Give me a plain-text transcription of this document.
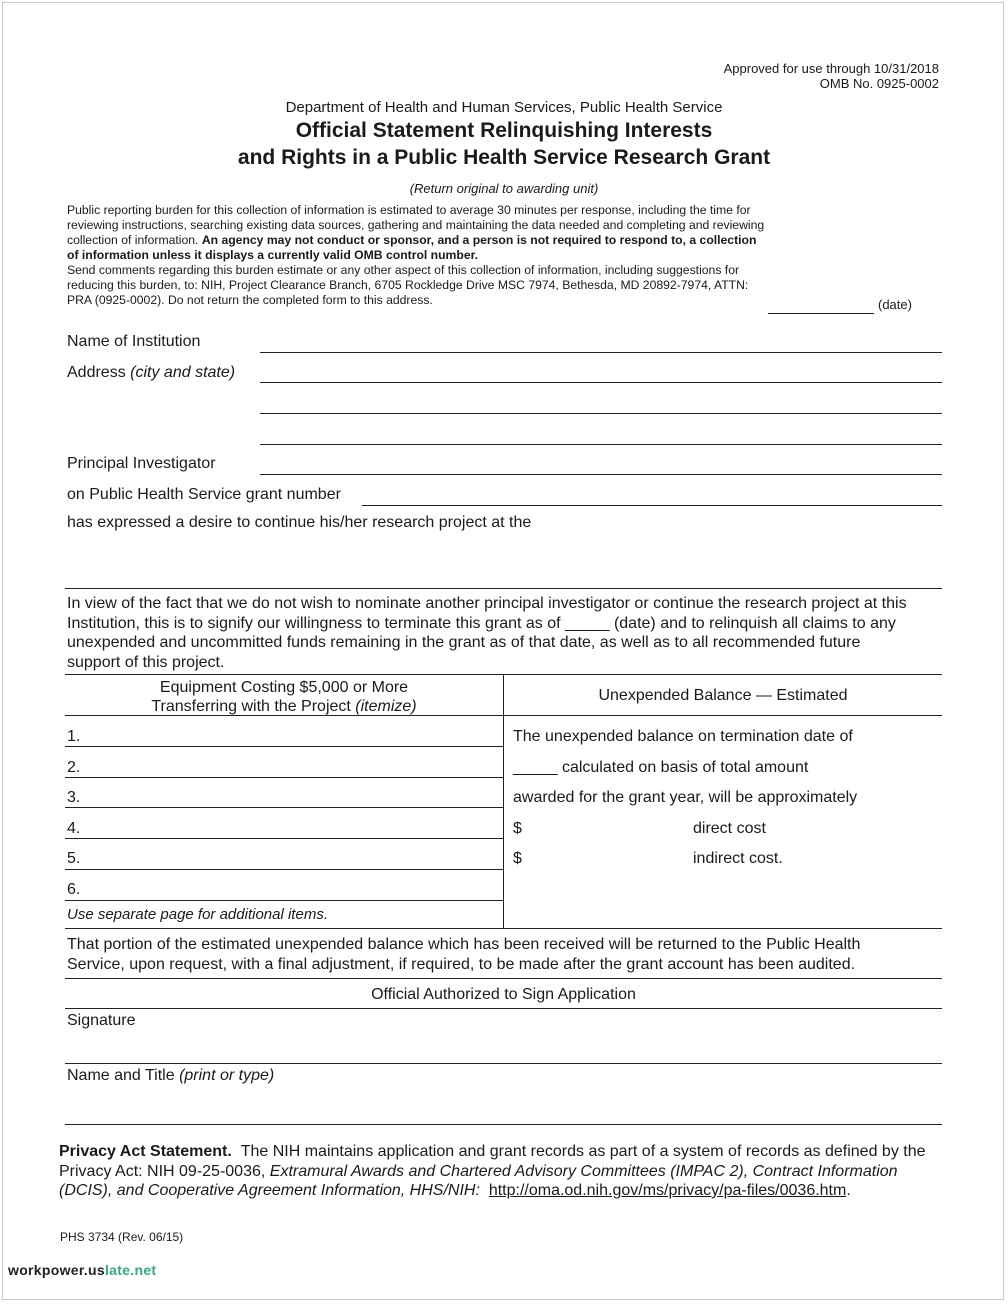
Approved for use through 10/31/2018
OMB No. 0925-0002
Department of Health and Human Services, Public Health Service
Official Statement Relinquishing Interests
and Rights in a Public Health Service Research Grant
(Return original to awarding unit)

Public reporting burden for this collection of information is estimated to average 30 minutes per response, including the time for reviewing instructions, searching existing data sources, gathering and maintaining the data needed and completing and reviewing collection of information. An agency may not conduct or sponsor, and a person is not required to respond to, a collection of information unless it displays a currently valid OMB control number.

Send comments regarding this burden estimate or any other aspect of this collection of information, including suggestions for reducing this burden, to: NIH, Project Clearance Branch, 6705 Rockledge Drive MSC 7974, Bethesda, MD 20892-7974, ATTN: PRA (0925-0002). Do not return the completed form to this address.	(date)
Name of Institution
Address (city and state)
Principal Investigator
on Public Health Service grant number
has expressed a desire to continue his/her research project at the
In view of the fact that we do not wish to nominate another principal investigator or continue the research project at this
Institution, this is to signify our willingness to terminate this grant as of _____ (date) and to relinquish all claims to any
unexpended and uncommitted funds remaining in the grant as of that date, as well as to all recommended future
support of this project.
Equipment Costing $5,000 or More
Transferring with the Project (itemize)
Unexpended Balance — Estimated
1.
2.
3.
4.
5.
6.
Use separate page for additional items.
The unexpended balance on termination date of
_____ calculated on basis of total amount
awarded for the grant year, will be approximately
$	direct cost
$	indirect cost.
That portion of the estimated unexpended balance which has been received will be returned to the Public Health
Service, upon request, with a final adjustment, if required, to be made after the grant account has been audited.
Official Authorized to Sign Application
Signature
Name and Title (print or type)
Privacy Act Statement. The NIH maintains application and grant records as part of a system of records as defined by the Privacy Act: NIH 09-25-0036, Extramural Awards and Chartered Advisory Committees (IMPAC 2), Contract Information (DCIS), and Cooperative Agreement Information, HHS/NIH: http://oma.od.nih.gov/ms/privacy/pa-files/0036.htm.
PHS 3734 (Rev. 06/15)
workpower.uslate.net
